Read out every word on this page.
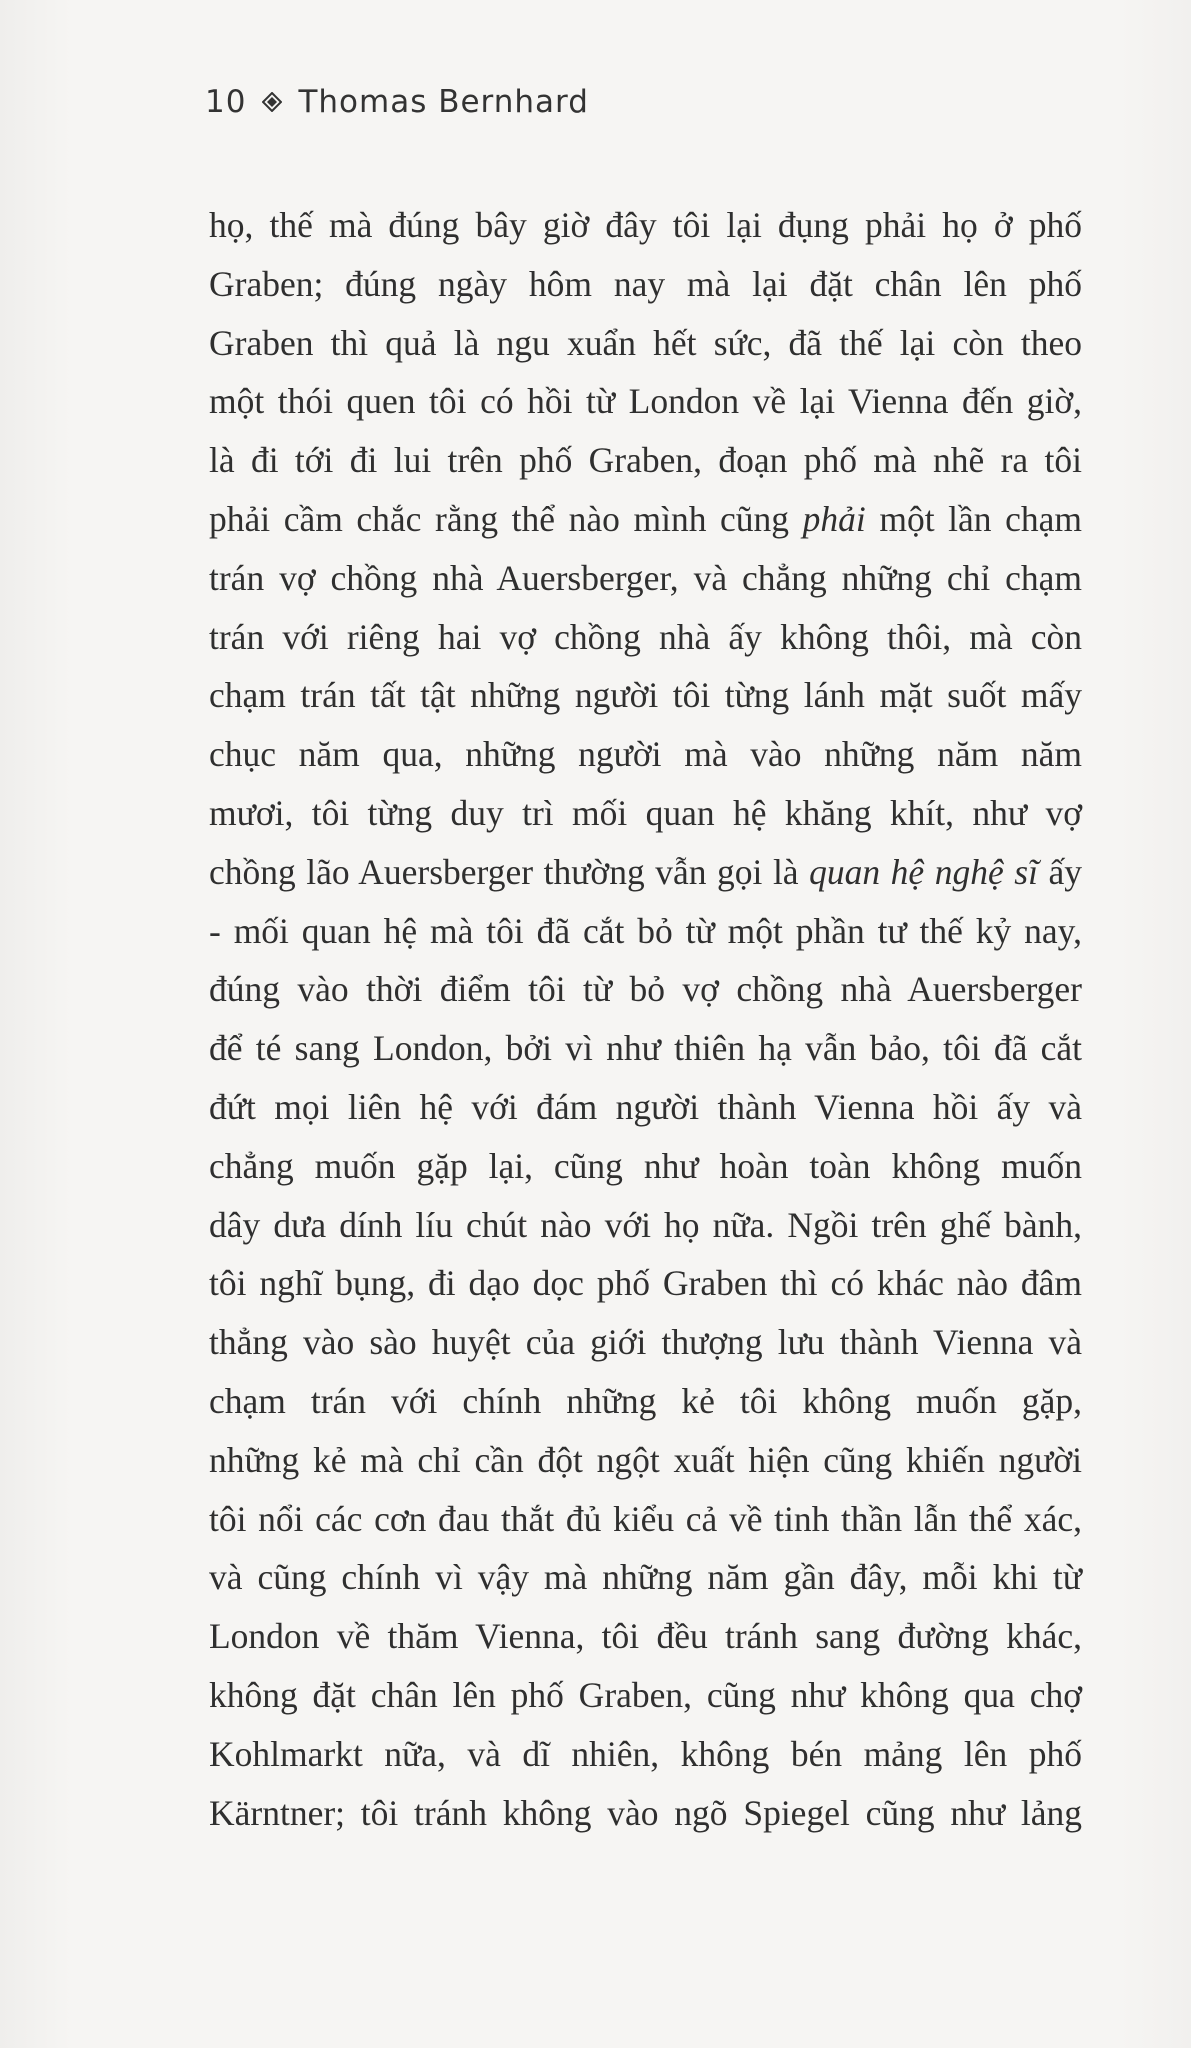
10 Thomas Bernhard
họ, thế mà đúng bây giờ đây tôi lại đụng phải họ ở phố
Graben; đúng ngày hôm nay mà lại đặt chân lên phố
Graben thì quả là ngu xuẩn hết sức, đã thế lại còn theo
một thói quen tôi có hồi từ London về lại Vienna đến giờ,
là đi tới đi lui trên phố Graben, đoạn phố mà nhẽ ra tôi
phải cầm chắc rằng thể nào mình cũng phải một lần chạm
trán vợ chồng nhà Auersberger, và chẳng những chỉ chạm
trán với riêng hai vợ chồng nhà ấy không thôi, mà còn
chạm trán tất tật những người tôi từng lánh mặt suốt mấy
chục năm qua, những người mà vào những năm năm
mươi, tôi từng duy trì mối quan hệ khăng khít, như vợ
chồng lão Auersberger thường vẫn gọi là quan hệ nghệ sĩ ấy
- mối quan hệ mà tôi đã cắt bỏ từ một phần tư thế kỷ nay,
đúng vào thời điểm tôi từ bỏ vợ chồng nhà Auersberger
để té sang London, bởi vì như thiên hạ vẫn bảo, tôi đã cắt
đứt mọi liên hệ với đám người thành Vienna hồi ấy và
chẳng muốn gặp lại, cũng như hoàn toàn không muốn
dây dưa dính líu chút nào với họ nữa. Ngồi trên ghế bành,
tôi nghĩ bụng, đi dạo dọc phố Graben thì có khác nào đâm
thẳng vào sào huyệt của giới thượng lưu thành Vienna và
chạm trán với chính những kẻ tôi không muốn gặp,
những kẻ mà chỉ cần đột ngột xuất hiện cũng khiến người
tôi nổi các cơn đau thắt đủ kiểu cả về tinh thần lẫn thể xác,
và cũng chính vì vậy mà những năm gần đây, mỗi khi từ
London về thăm Vienna, tôi đều tránh sang đường khác,
không đặt chân lên phố Graben, cũng như không qua chợ
Kohlmarkt nữa, và dĩ nhiên, không bén mảng lên phố
Kärntner; tôi tránh không vào ngõ Spiegel cũng như lảng
